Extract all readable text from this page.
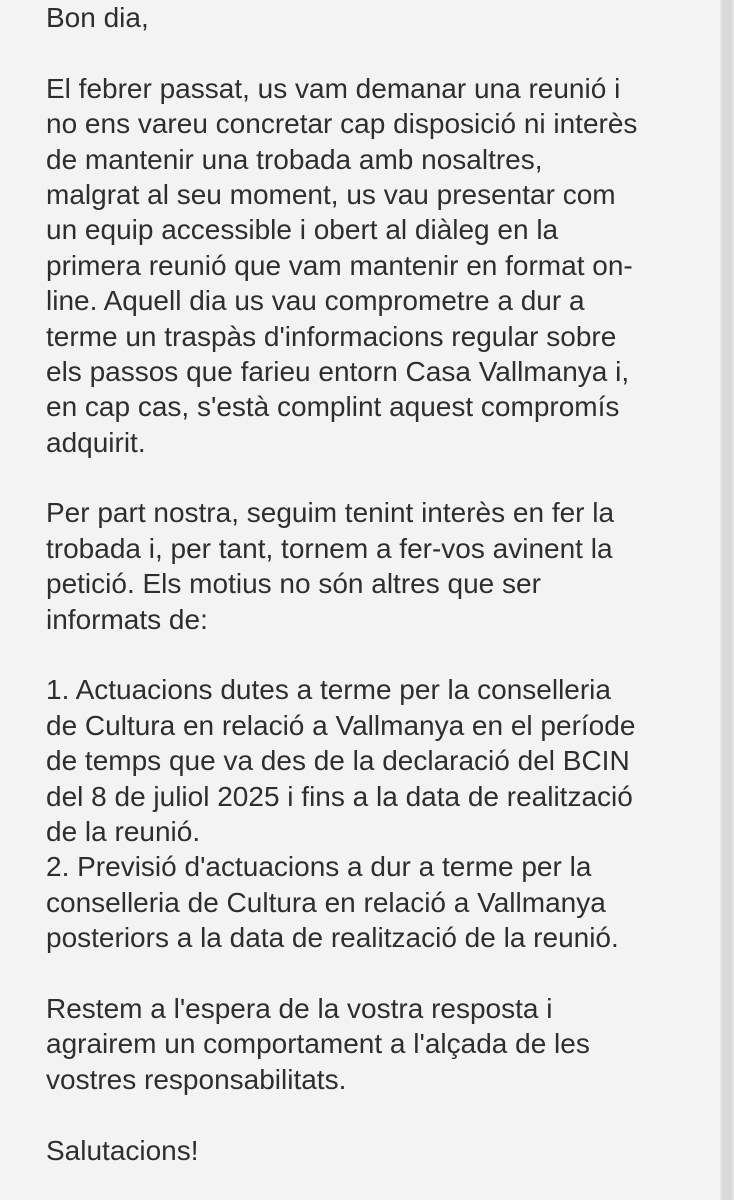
Bon dia,
El febrer passat, us vam demanar una reunió i
no ens vareu concretar cap disposició ni interès
de mantenir una trobada amb nosaltres,
malgrat al seu moment, us vau presentar com
un equip accessible i obert al diàleg en la
primera reunió que vam mantenir en format on-
line. Aquell dia us vau comprometre a dur a
terme un traspàs d'informacions regular sobre
els passos que farieu entorn Casa Vallmanya i,
en cap cas, s'està complint aquest compromís
adquirit.
Per part nostra, seguim tenint interès en fer la
trobada i, per tant, tornem a fer-vos avinent la
petició. Els motius no són altres que ser
informats de:
1. Actuacions dutes a terme per la conselleria
de Cultura en relació a Vallmanya en el període
de temps que va des de la declaració del BCIN
del 8 de juliol 2025 i fins a la data de realització
de la reunió.
2. Previsió d'actuacions a dur a terme per la
conselleria de Cultura en relació a Vallmanya
posteriors a la data de realització de la reunió.
Restem a l'espera de la vostra resposta i
agrairem un comportament a l'alçada de les
vostres responsabilitats.
Salutacions!
